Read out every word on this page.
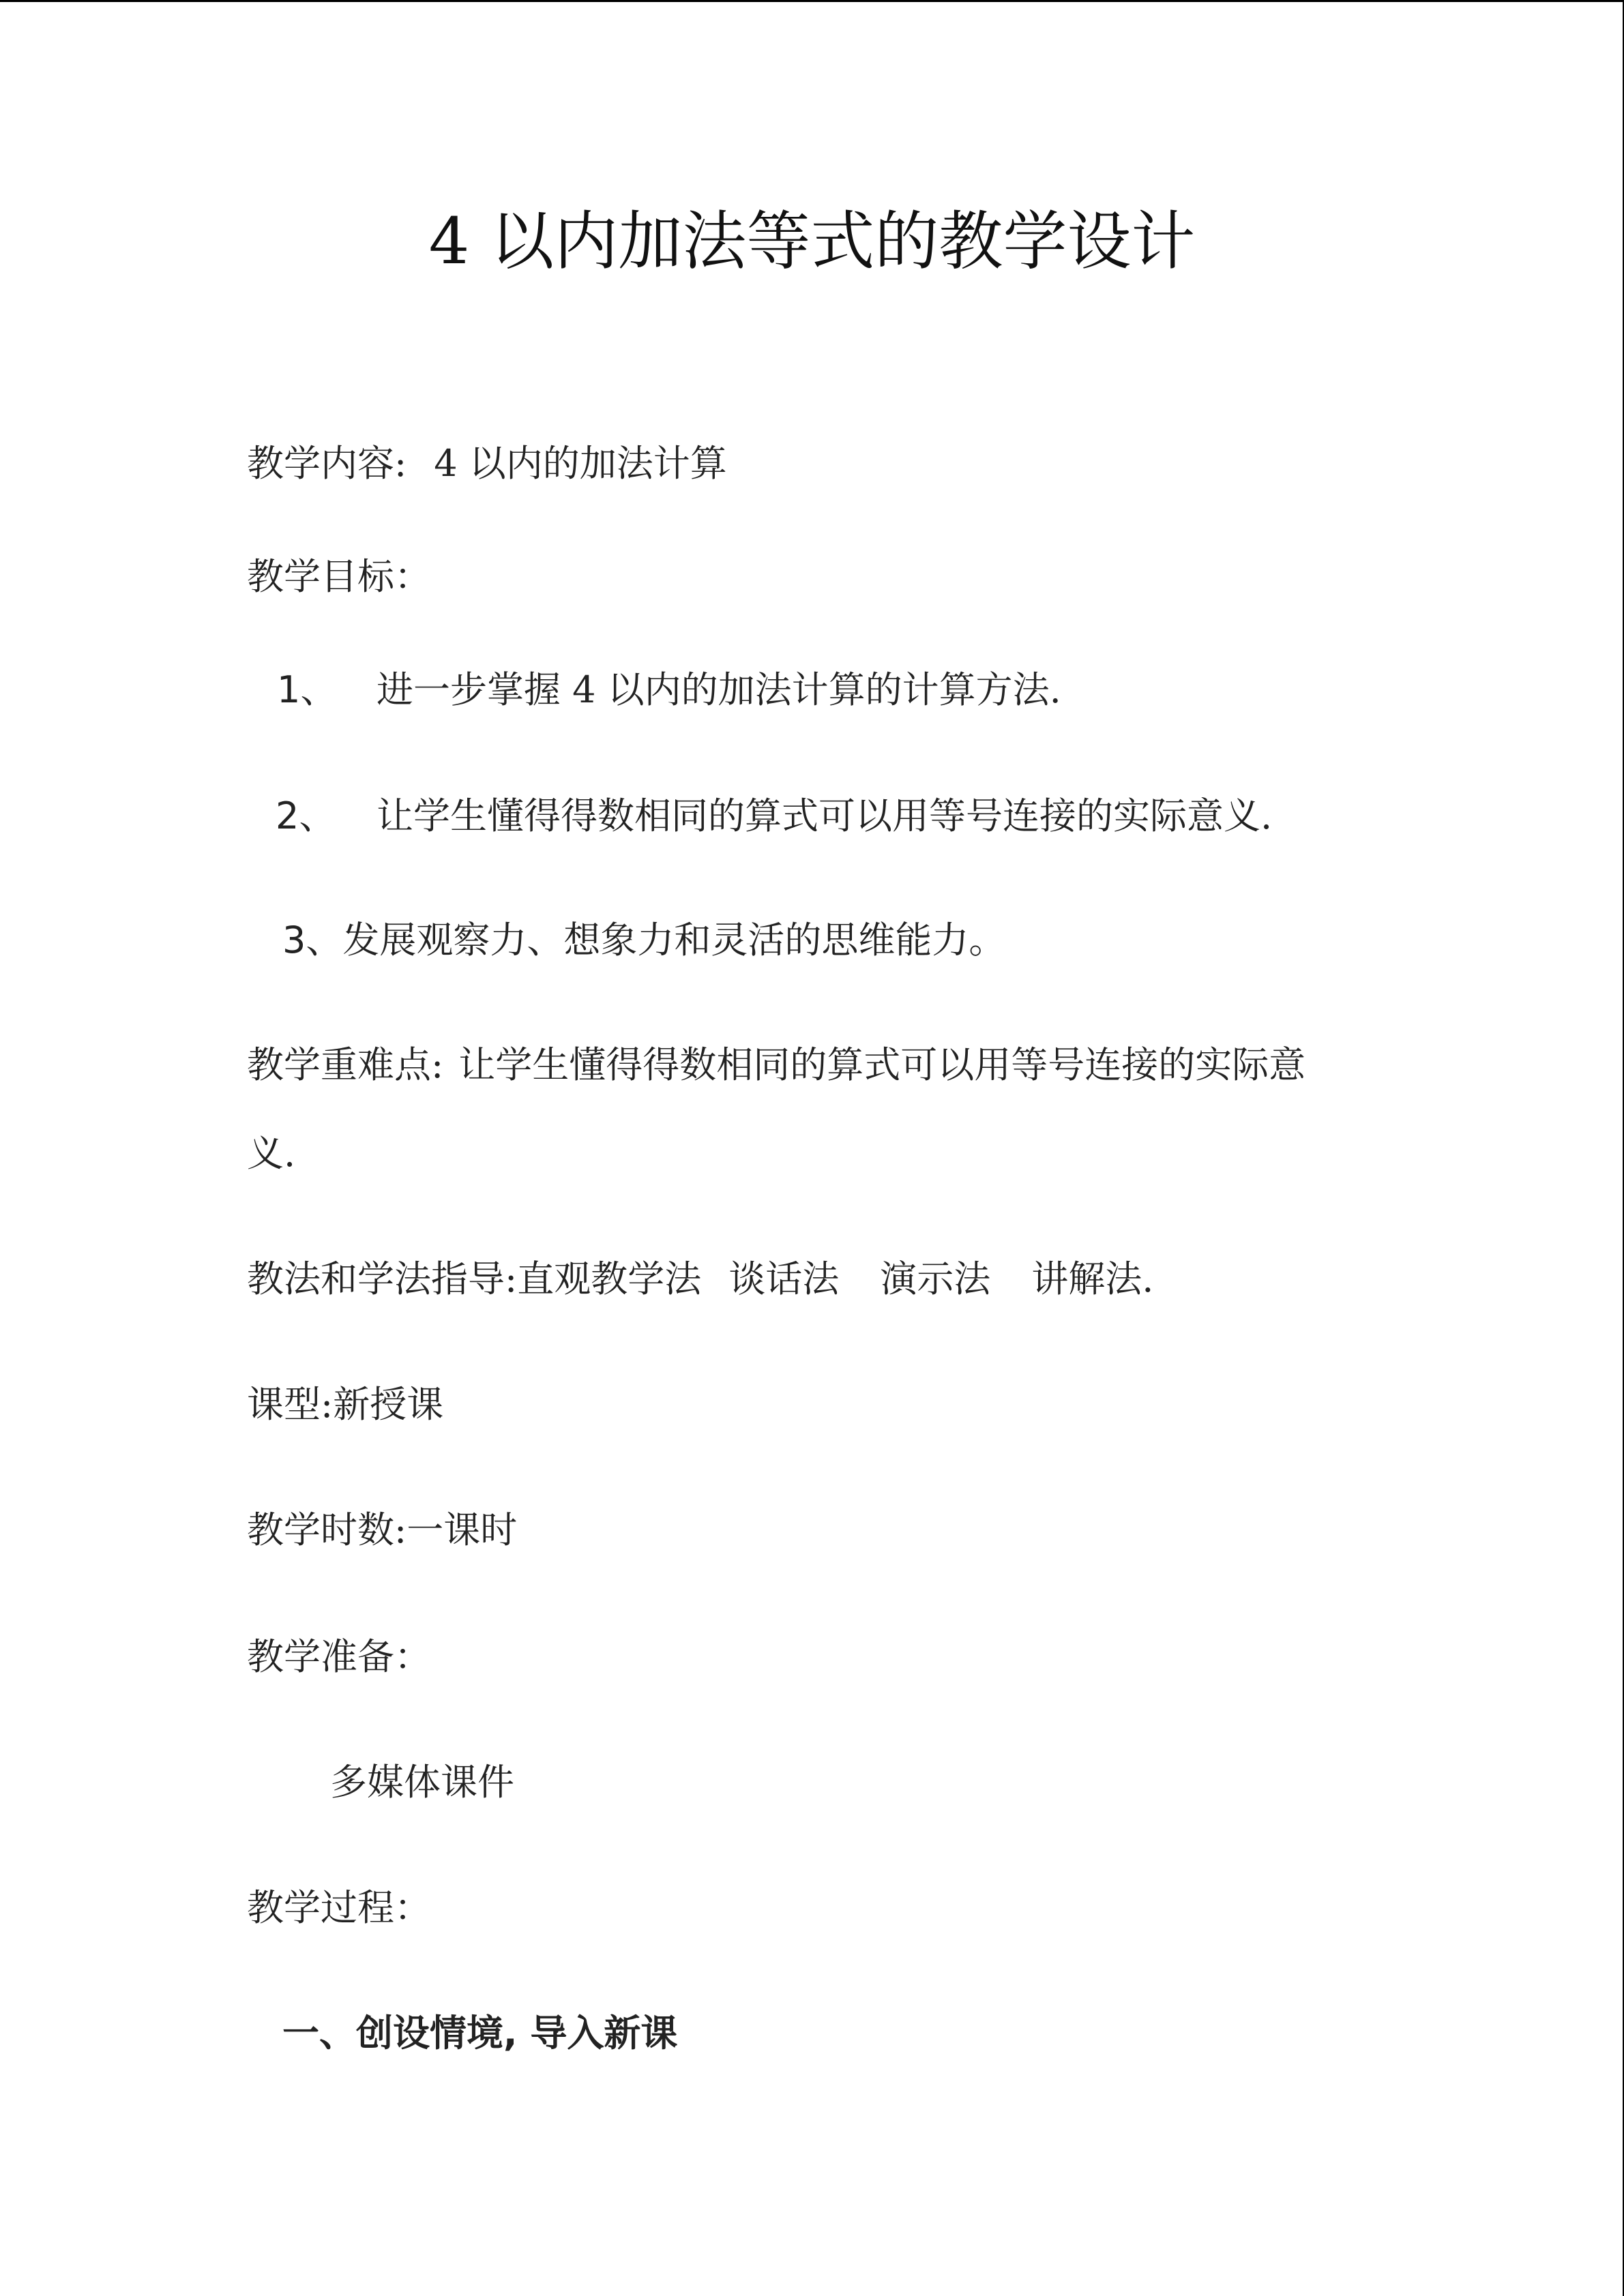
4 以内加法等式的教学设计
教学内容: 4 以内的加法计算
教学目标：
1、 进一步掌握 4 以内的加法计算的计算方法.
2、 让学生懂得得数相同的算式可以用等号连接的实际意义.
3、发展观察力、想象力和灵活的思维能力。
教学重难点: 让学生懂得得数相同的算式可以用等号连接的实际意
义.
教法和学法指导:直观教学法 谈话法 演示法 讲解法.
课型:新授课
教学时数:一课时
教学准备：
多媒体课件
教学过程：
一、创设情境, 导入新课
